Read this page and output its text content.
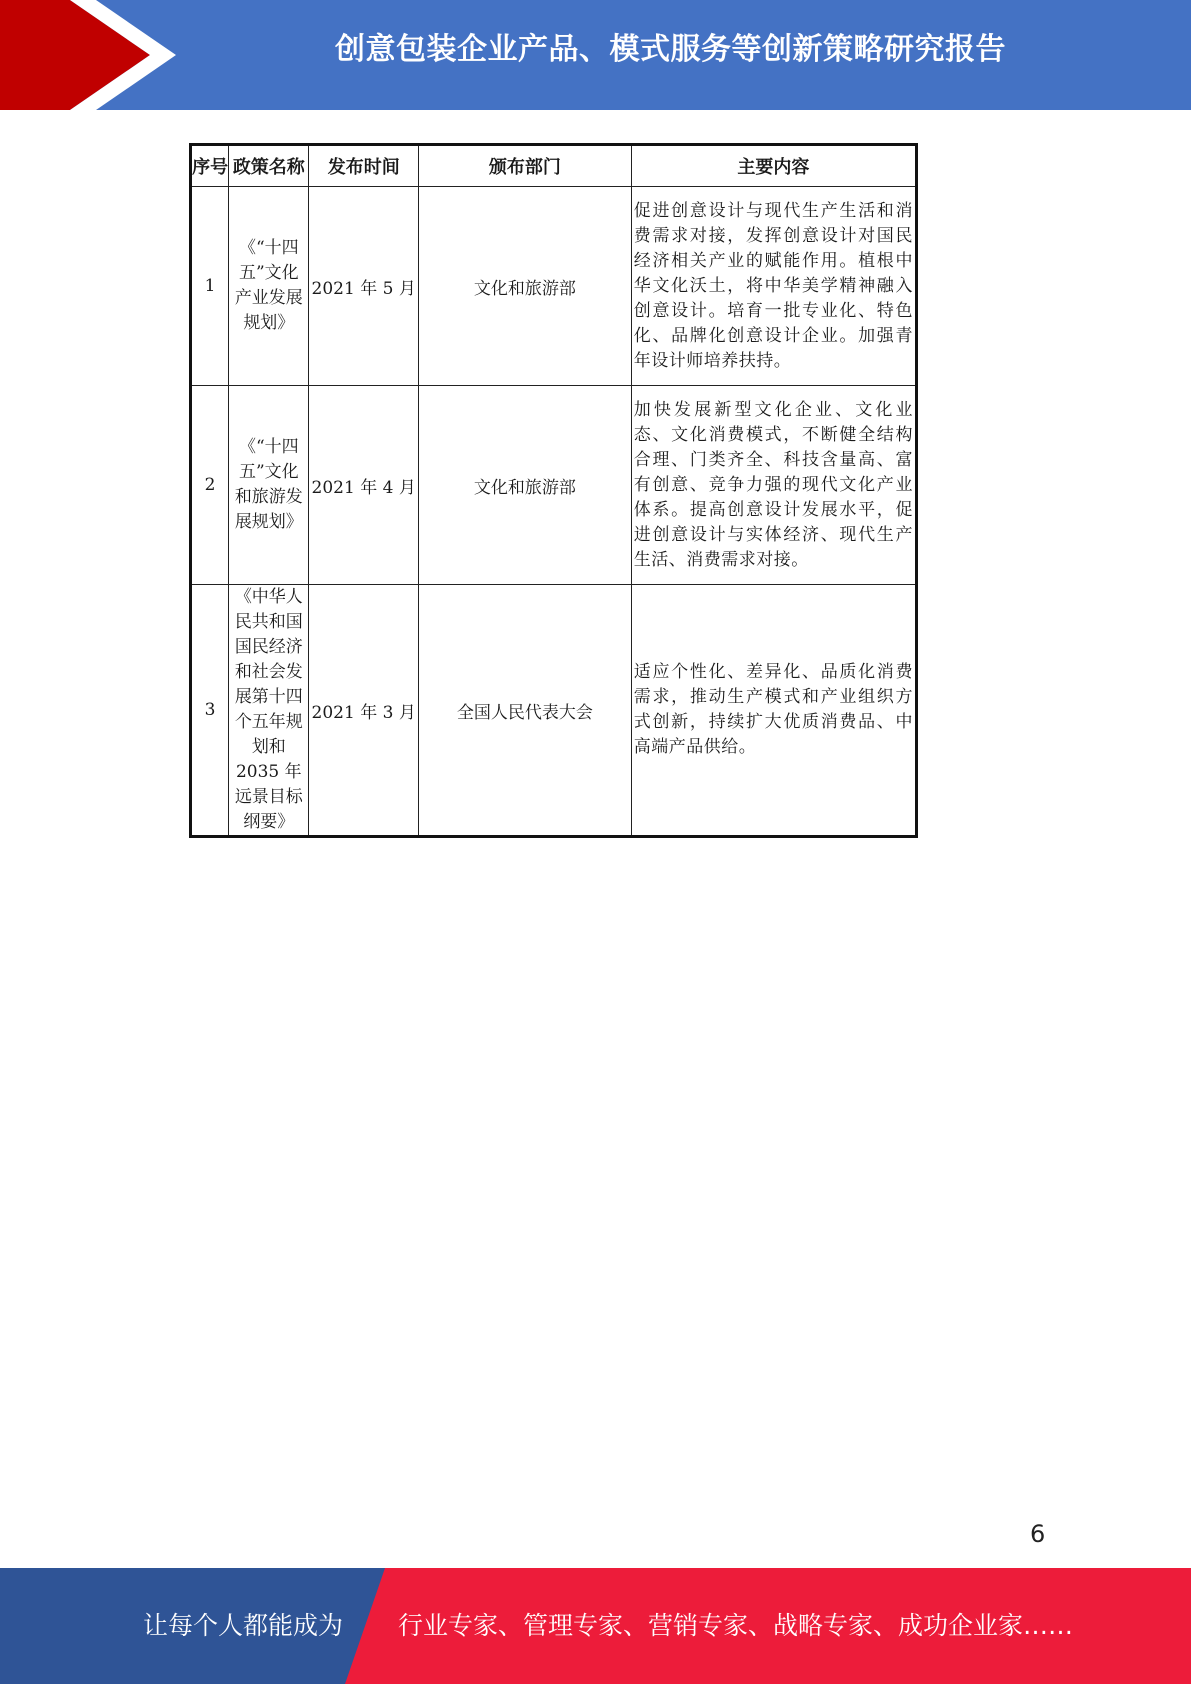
创意包装企业产品、模式服务等创新策略研究报告
序号	政策名称	发布时间	颁布部门	主要内容
1	《“十四五”文化产业发展规划》	2021 年 5 月	文化和旅游部	促进创意设计与现代生产生活和消费需求对接，发挥创意设计对国民经济相关产业的赋能作用。植根中华文化沃土，将中华美学精神融入创意设计。培育一批专业化、特色化、品牌化创意设计企业。加强青年设计师培养扶持。
2	《“十四五”文化和旅游发展规划》	2021 年 4 月	文化和旅游部	加快发展新型文化企业、文化业态、文化消费模式，不断健全结构合理、门类齐全、科技含量高、富有创意、竞争力强的现代文化产业体系。提高创意设计发展水平，促进创意设计与实体经济、现代生产生活、消费需求对接。
3	《中华人民共和国国民经济和社会发展第十四个五年规划和 2035 年远景目标纲要》	2021 年 3 月	全国人民代表大会	适应个性化、差异化、品质化消费需求，推动生产模式和产业组织方式创新，持续扩大优质消费品、中高端产品供给。
6
让每个人都能成为 行业专家、管理专家、营销专家、战略专家、成功企业家……
